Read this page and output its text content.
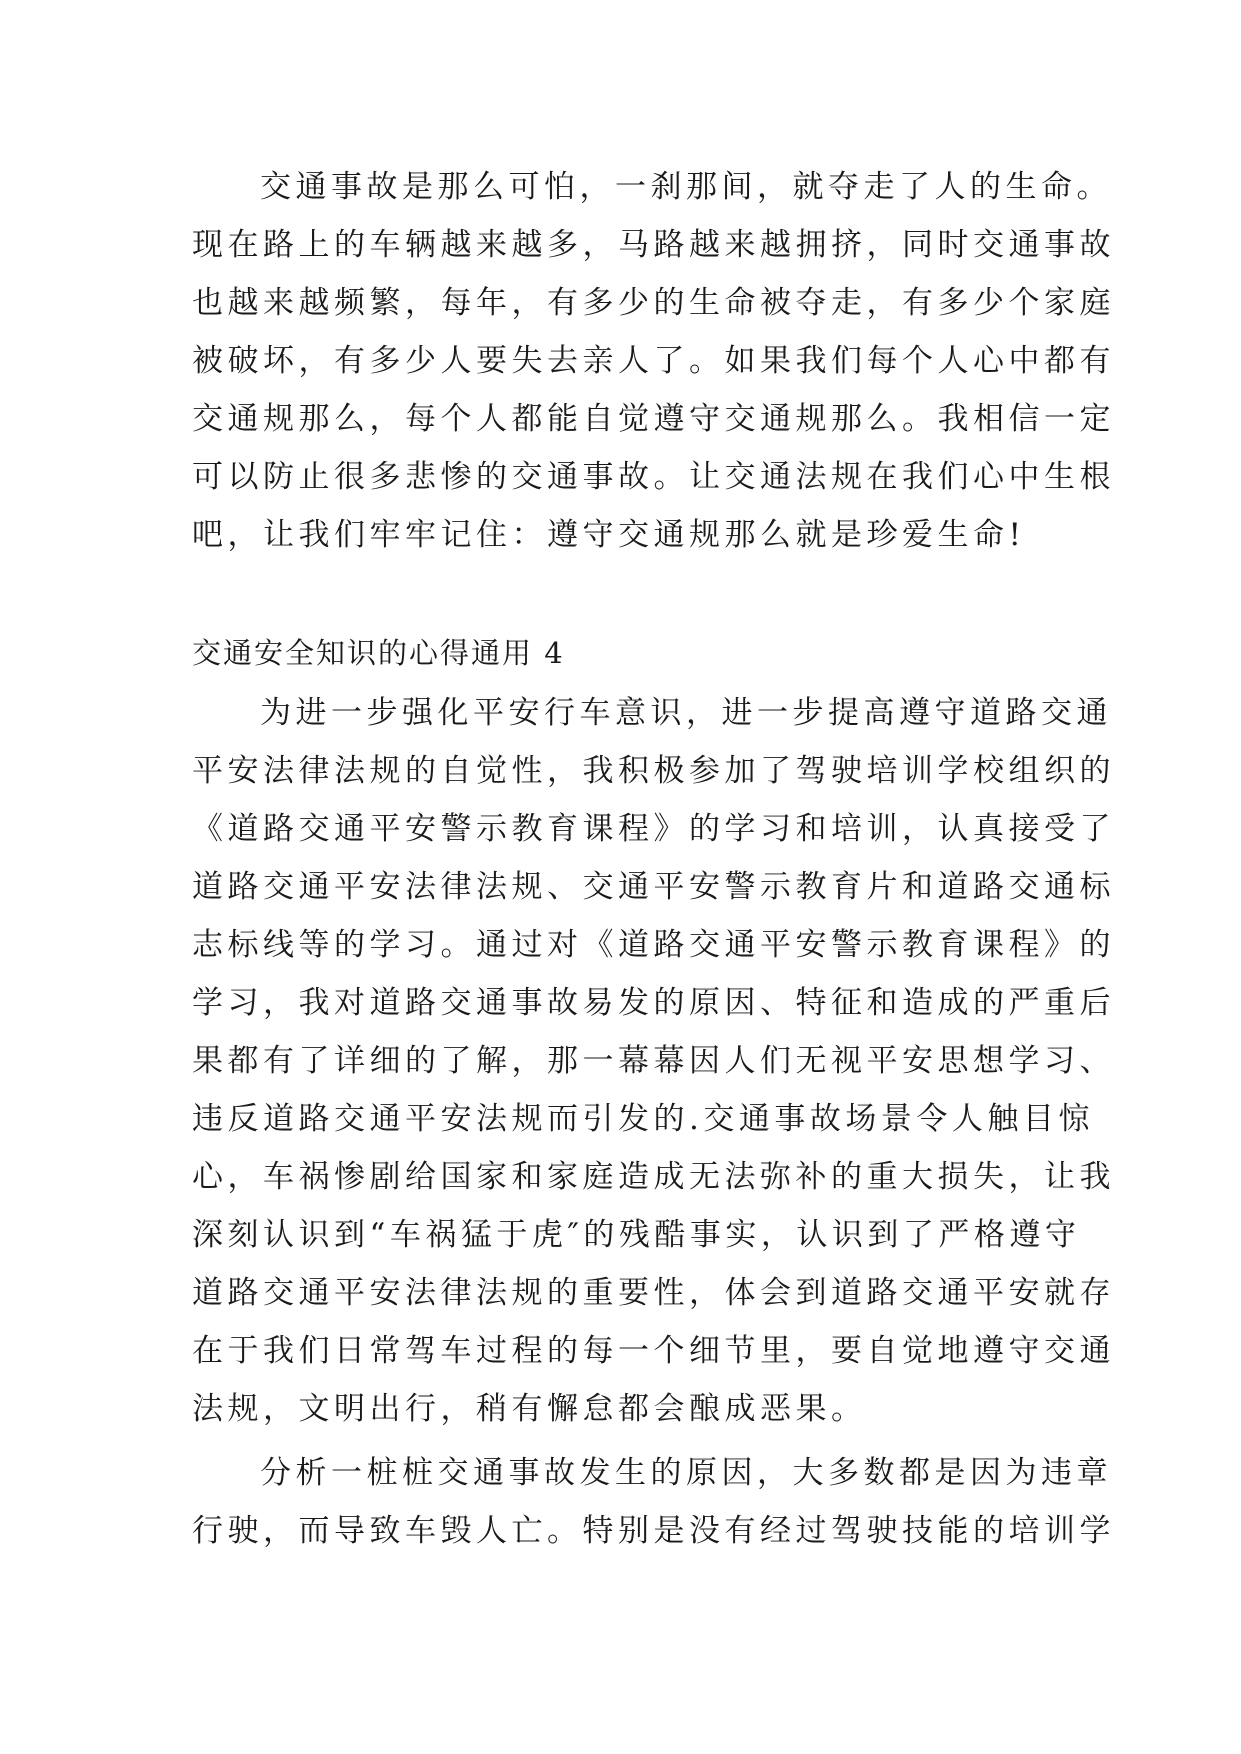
交通事故是那么可怕，一刹那间，就夺走了人的生命。
现在路上的车辆越来越多，马路越来越拥挤，同时交通事故
也越来越频繁，每年，有多少的生命被夺走，有多少个家庭
被破坏，有多少人要失去亲人了。如果我们每个人心中都有
交通规那么，每个人都能自觉遵守交通规那么。我相信一定
可以防止很多悲惨的交通事故。让交通法规在我们心中生根
吧，让我们牢牢记住：遵守交通规那么就是珍爱生命!
交通安全知识的心得通用 4
为进一步强化平安行车意识，进一步提高遵守道路交通
平安法律法规的自觉性，我积极参加了驾驶培训学校组织的
《道路交通平安警示教育课程》的学习和培训，认真接受了
道路交通平安法律法规、交通平安警示教育片和道路交通标
志标线等的学习。通过对《道路交通平安警示教育课程》的
学习，我对道路交通事故易发的原因、特征和造成的严重后
果都有了详细的了解，那一幕幕因人们无视平安思想学习、
违反道路交通平安法规而引发的.交通事故场景令人触目惊
心，车祸惨剧给国家和家庭造成无法弥补的重大损失，让我
深刻认识到“车祸猛于虎″的残酷事实，认识到了严格遵守
道路交通平安法律法规的重要性，体会到道路交通平安就存
在于我们日常驾车过程的每一个细节里，要自觉地遵守交通
法规，文明出行，稍有懈怠都会酿成恶果。
分析一桩桩交通事故发生的原因，大多数都是因为违章
行驶，而导致车毁人亡。特别是没有经过驾驶技能的培训学
